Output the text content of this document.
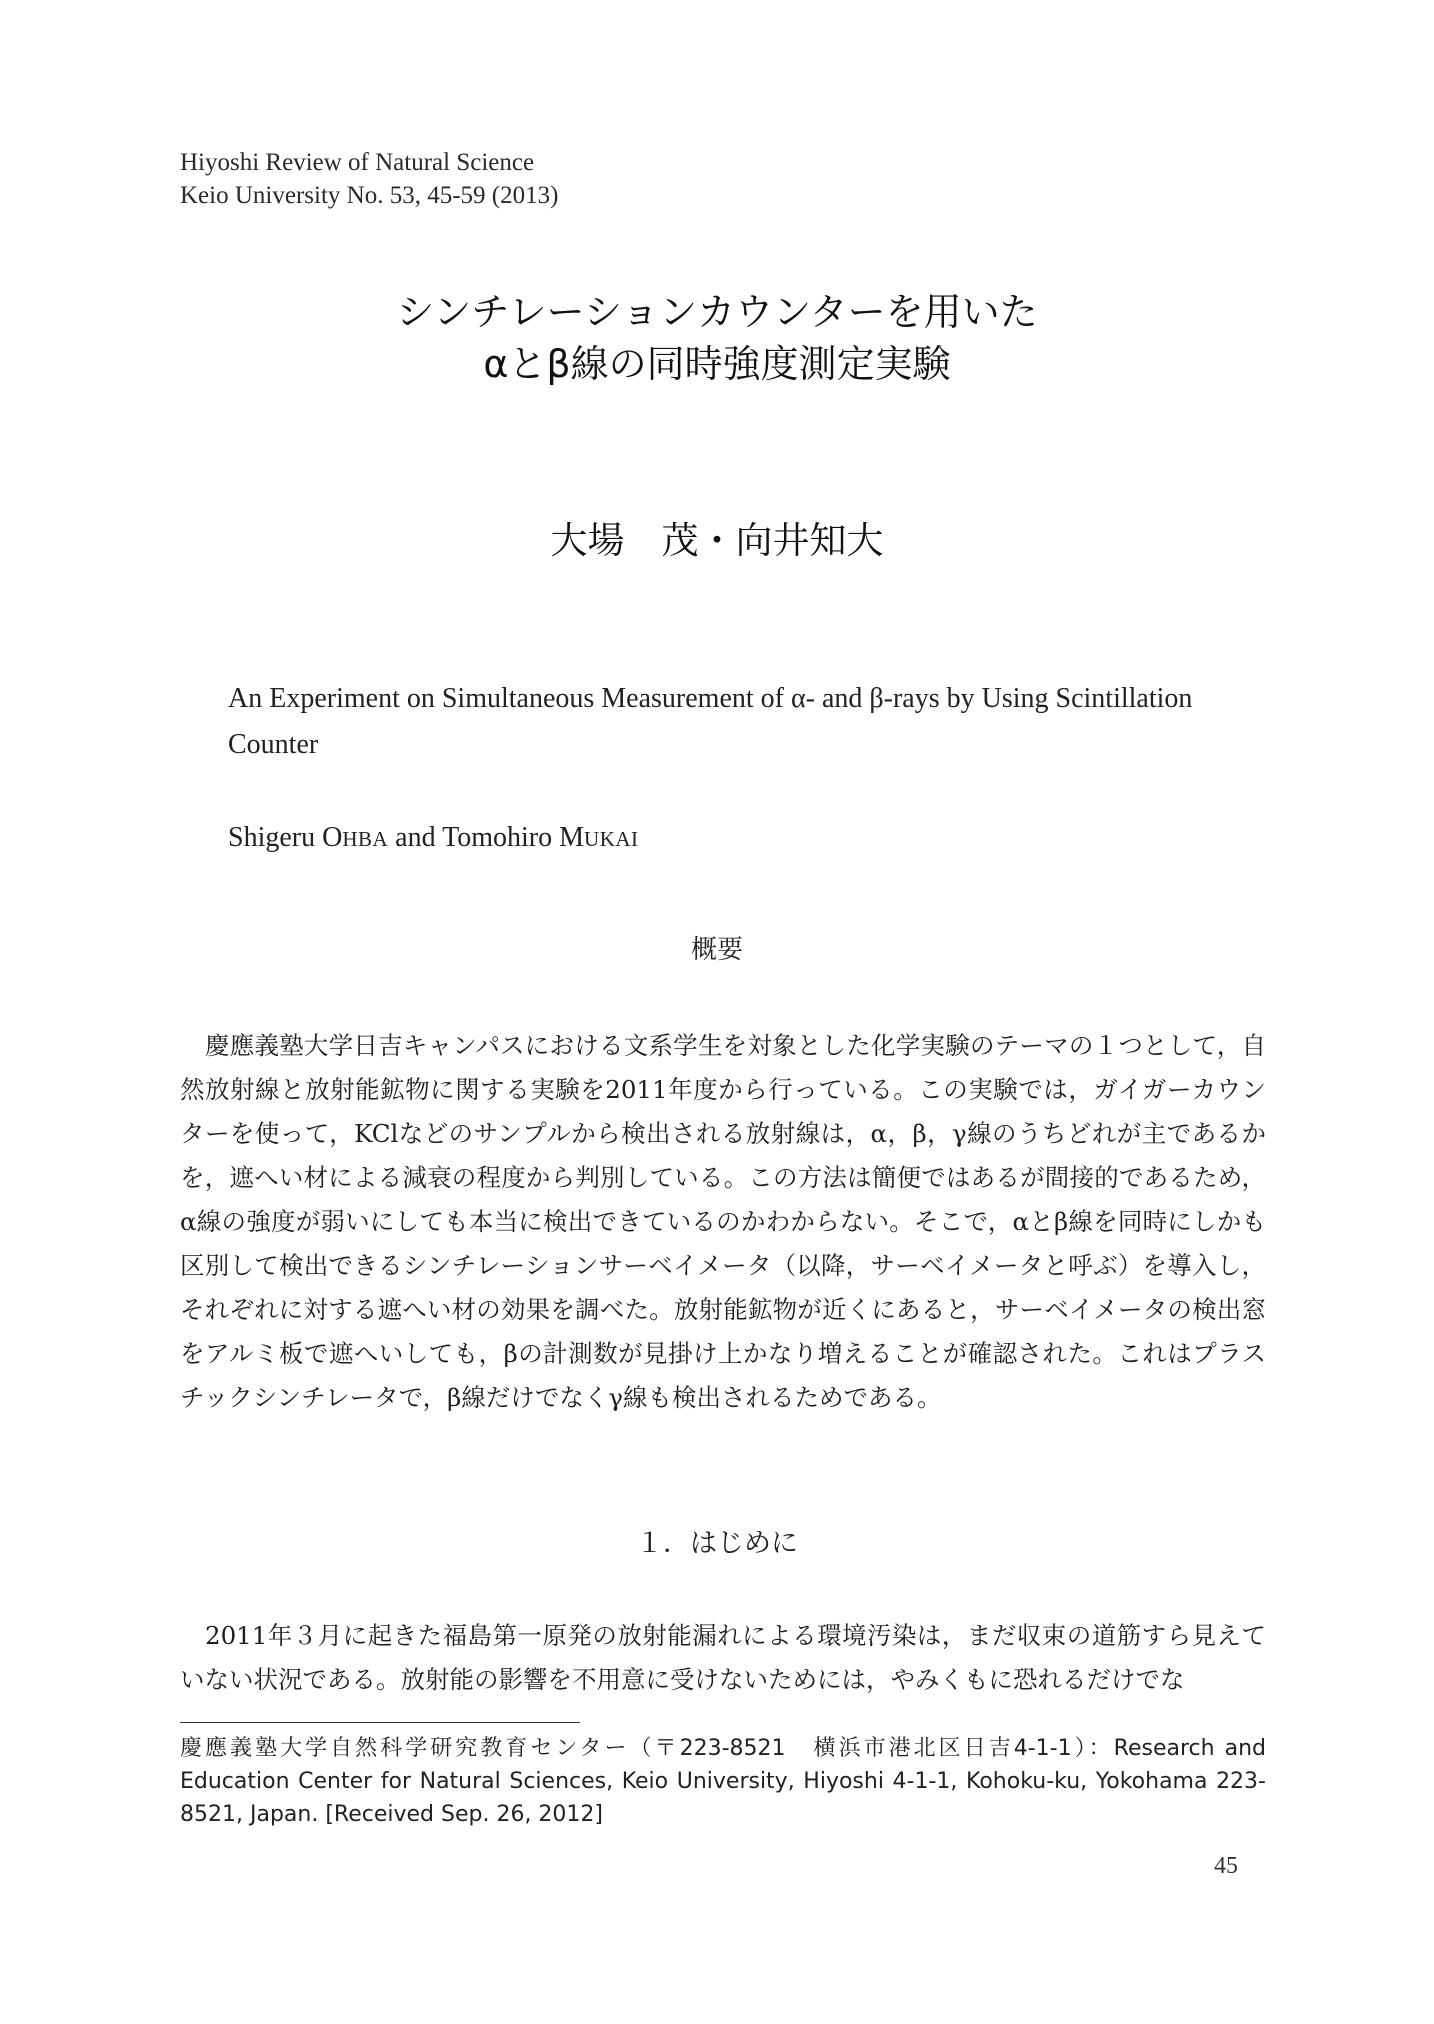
Hiyoshi Review of Natural Science
Keio University No. 53, 45-59 (2013)
シンチレーションカウンターを用いた
αとβ線の同時強度測定実験
大場　茂・向井知大
An Experiment on Simultaneous Measurement of α- and β-rays by Using Scintillation Counter
Shigeru OHBA and Tomohiro MUKAI
概要

慶應義塾大学日吉キャンパスにおける文系学生を対象とした化学実験のテーマの１つとして，自然放射線と放射能鉱物に関する実験を2011年度から行っている。この実験では，ガイガーカウンターを使って，KClなどのサンプルから検出される放射線は，α，β，γ線のうちどれが主であるかを，遮へい材による減衰の程度から判別している。この方法は簡便ではあるが間接的であるため，α線の強度が弱いにしても本当に検出できているのかわからない。そこで，αとβ線を同時にしかも区別して検出できるシンチレーションサーベイメータ（以降，サーベイメータと呼ぶ）を導入し，それぞれに対する遮へい材の効果を調べた。放射能鉱物が近くにあると，サーベイメータの検出窓をアルミ板で遮へいしても，βの計測数が見掛け上かなり増えることが確認された。これはプラスチックシンチレータで，β線だけでなくγ線も検出されるためである。

１．はじめに

2011年３月に起きた福島第一原発の放射能漏れによる環境汚染は，まだ収束の道筋すら見えていない状況である。放射能の影響を不用意に受けないためには，やみくもに恐れるだけでな

慶應義塾大学自然科学研究教育センター（〒223-8521　横浜市港北区日吉4-1-1）：Research and Education Center for Natural Sciences, Keio University, Hiyoshi 4-1-1, Kohoku-ku, Yokohama 223-8521, Japan. [Received Sep. 26, 2012]
45
